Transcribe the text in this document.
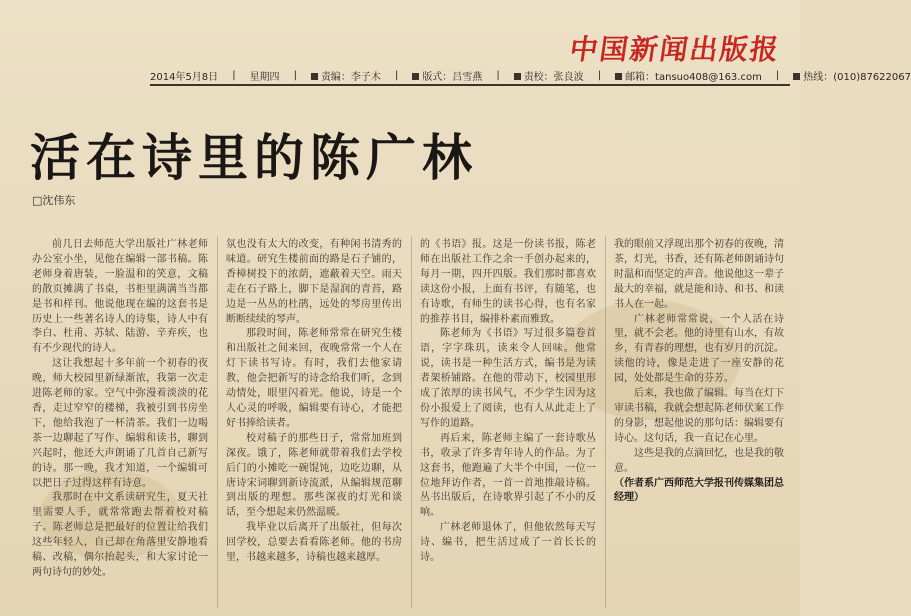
中国新闻出版报
2014年5月8日 | 星期四 |	责编：李子木 |	版式：吕雪燕 |	责校：张良波 |	邮箱：tansuo408@163.com |	热线：(010)87622067
活在诗里的陈广林
□沈伟东

前几日去师范大学出版社广林老师办公室小坐，见他在编辑一部书稿。陈老师身着唐装，一脸温和的笑意，文稿的散页摊满了书桌，书柜里满满当当都是书和样刊。他说他现在编的这套书是历史上一些著名诗人的诗集，诗人中有李白、杜甫、苏轼、陆游、辛弃疾，也有不少现代的诗人。

这让我想起十多年前一个初春的夜晚，师大校园里新绿渐浓，我第一次走进陈老师的家。空气中弥漫着淡淡的花香，走过窄窄的楼梯，我被引到书房坐下，他给我泡了一杯清茶。我们一边喝茶一边聊起了写作、编辑和读书，聊到兴起时，他还大声朗诵了几首自己新写的诗。那一晚，我才知道，一个编辑可以把日子过得这样有诗意。

我那时在中文系读研究生，夏天社里需要人手，就常常跑去帮着校对稿子。陈老师总是把最好的位置让给我们这些年轻人，自己却在角落里安静地看稿、改稿，偶尔抬起头，和大家讨论一两句诗句的妙处。

氛也没有太大的改变，有种闲书清秀的味道。研究生楼前面的路是石子铺的，香樟树投下的浓荫，遮蔽着天空。雨天走在石子路上，脚下是湿润的青苔，路边是一丛丛的杜鹃，远处的琴房里传出断断续续的琴声。

那段时间，陈老师常常在研究生楼和出版社之间来回，夜晚常常一个人在灯下读书写诗。有时，我们去他家请教，他会把新写的诗念给我们听，念到动情处，眼里闪着光。他说，诗是一个人心灵的呼吸，编辑要有诗心，才能把好书捧给读者。

校对稿子的那些日子，常常加班到深夜。饿了，陈老师就带着我们去学校后门的小摊吃一碗馄饨，边吃边聊，从唐诗宋词聊到新诗流派，从编辑规范聊到出版的理想。那些深夜的灯光和谈话，至今想起来仍然温暖。

我毕业以后离开了出版社，但每次回学校，总要去看看陈老师。他的书房里，书越来越多，诗稿也越来越厚。

的《书语》报。这是一份读书报，陈老师在出版社工作之余一手创办起来的，每月一期，四开四版。我们那时都喜欢读这份小报，上面有书评，有随笔，也有诗歌，有师生的读书心得，也有名家的推荐书目，编排朴素而雅致。

陈老师为《书语》写过很多篇卷首语，字字珠玑，读来令人回味。他常说，读书是一种生活方式，编书是为读者架桥铺路。在他的带动下，校园里形成了浓厚的读书风气，不少学生因为这份小报爱上了阅读，也有人从此走上了写作的道路。

再后来，陈老师主编了一套诗歌丛书，收录了许多青年诗人的作品。为了这套书，他跑遍了大半个中国，一位一位地拜访作者，一首一首地推敲诗稿。丛书出版后，在诗歌界引起了不小的反响。

广林老师退休了，但他依然每天写诗、编书，把生活过成了一首长长的诗。

我的眼前又浮现出那个初春的夜晚，清茶，灯光，书香，还有陈老师朗诵诗句时温和而坚定的声音。他说他这一辈子最大的幸福，就是能和诗、和书、和读书人在一起。

广林老师常常说，一个人活在诗里，就不会老。他的诗里有山水，有故乡，有青春的理想，也有岁月的沉淀。读他的诗，像是走进了一座安静的花园，处处都是生命的芬芳。

后来，我也做了编辑。每当在灯下审读书稿，我就会想起陈老师伏案工作的身影，想起他说的那句话：编辑要有诗心。这句话，我一直记在心里。

这些是我的点滴回忆，也是我的敬意。

（作者系广西师范大学报刊传媒集团总经理）
